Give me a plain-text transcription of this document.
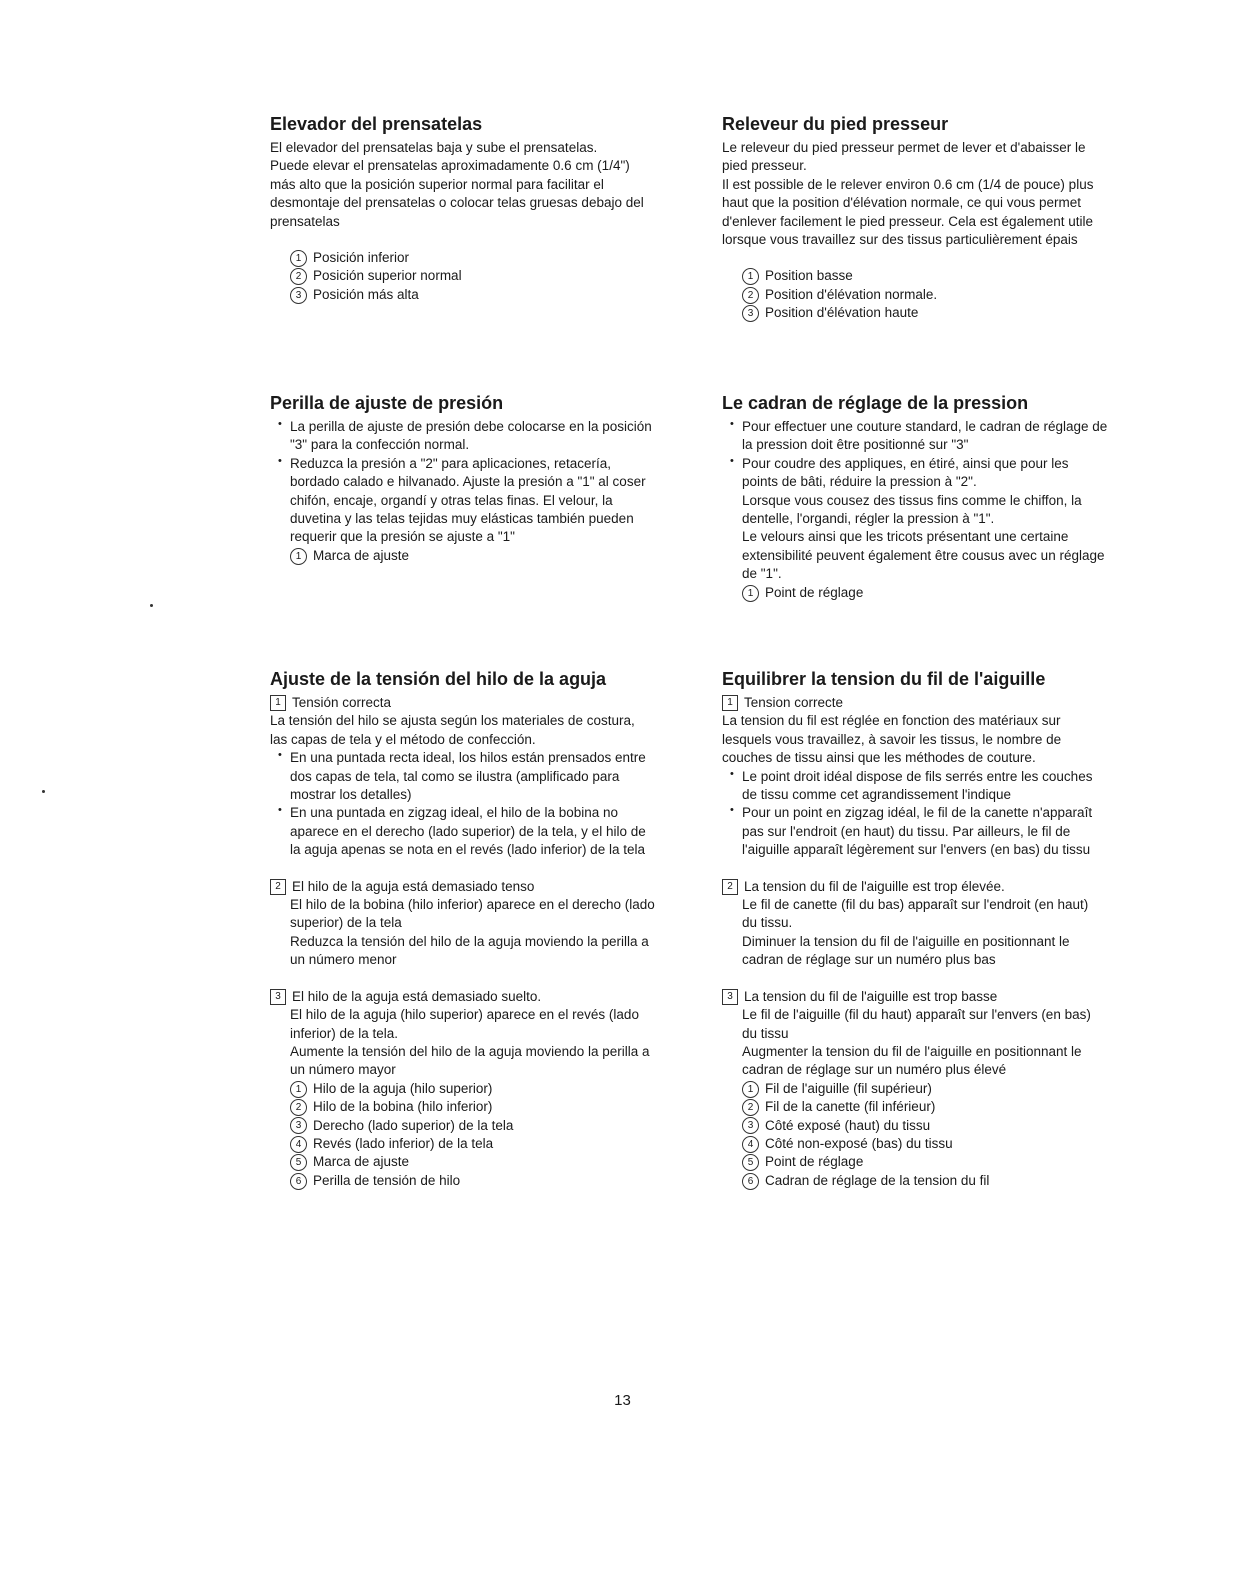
Elevador del prensatelas

El elevador del prensatelas baja y sube el prensatelas.

Puede elevar el prensatelas aproximadamente 0.6 cm (1/4")

más alto que la posición superior normal para facilitar el

desmontaje del prensatelas o colocar telas gruesas debajo del

prensatelas

1 Posición inferior
2 Posición superior normal
3 Posición más alta
Perilla de ajuste de presión

• La perilla de ajuste de presión debe colocarse en la posición

"3" para la confección normal.

• Reduzca la presión a "2" para aplicaciones, retacería,

bordado calado e hilvanado. Ajuste la presión a "1" al coser

chifón, encaje, organdí y otras telas finas. El velour, la

duvetina y las telas tejidas muy elásticas también pueden

requerir que la presión se ajuste a "1"

1 Marca de ajuste
Ajuste de la tensión del hilo de la aguja

1 Tensión correcta

La tensión del hilo se ajusta según los materiales de costura,

las capas de tela y el método de confección.

• En una puntada recta ideal, los hilos están prensados entre

dos capas de tela, tal como se ilustra (amplificado para

mostrar los detalles)

• En una puntada en zigzag ideal, el hilo de la bobina no

aparece en el derecho (lado superior) de la tela, y el hilo de

la aguja apenas se nota en el revés (lado inferior) de la tela

2 El hilo de la aguja está demasiado tenso

El hilo de la bobina (hilo inferior) aparece en el derecho (lado

superior) de la tela

Reduzca la tensión del hilo de la aguja moviendo la perilla a

un número menor

3 El hilo de la aguja está demasiado suelto.

El hilo de la aguja (hilo superior) aparece en el revés (lado

inferior) de la tela.

Aumente la tensión del hilo de la aguja moviendo la perilla a

un número mayor

1 Hilo de la aguja (hilo superior)
2 Hilo de la bobina (hilo inferior)
3 Derecho (lado superior) de la tela
4 Revés (lado inferior) de la tela
5 Marca de ajuste
6 Perilla de tensión de hilo
Releveur du pied presseur

Le releveur du pied presseur permet de lever et d'abaisser le

pied presseur.

Il est possible de le relever environ 0.6 cm (1/4 de pouce) plus

haut que la position d'élévation normale, ce qui vous permet

d'enlever facilement le pied presseur. Cela est également utile

lorsque vous travaillez sur des tissus particulièrement épais

1 Position basse
2 Position d'élévation normale.
3 Position d'élévation haute
Le cadran de réglage de la pression

• Pour effectuer une couture standard, le cadran de réglage de

la pression doit être positionné sur "3"

• Pour coudre des appliques, en étiré, ainsi que pour les

points de bâti, réduire la pression à "2".

Lorsque vous cousez des tissus fins comme le chiffon, la

dentelle, l'organdi, régler la pression à "1".

Le velours ainsi que les tricots présentant une certaine

extensibilité peuvent également être cousus avec un réglage

de "1".

1 Point de réglage
Equilibrer la tension du fil de l'aiguille

1 Tension correcte

La tension du fil est réglée en fonction des matériaux sur

lesquels vous travaillez, à savoir les tissus, le nombre de

couches de tissu ainsi que les méthodes de couture.

• Le point droit idéal dispose de fils serrés entre les couches

de tissu comme cet agrandissement l'indique

• Pour un point en zigzag idéal, le fil de la canette n'apparaît

pas sur l'endroit (en haut) du tissu. Par ailleurs, le fil de

l'aiguille apparaît légèrement sur l'envers (en bas) du tissu

2 La tension du fil de l'aiguille est trop élevée.

Le fil de canette (fil du bas) apparaît sur l'endroit (en haut)

du tissu.

Diminuer la tension du fil de l'aiguille en positionnant le

cadran de réglage sur un numéro plus bas

3 La tension du fil de l'aiguille est trop basse

Le fil de l'aiguille (fil du haut) apparaît sur l'envers (en bas)

du tissu

Augmenter la tension du fil de l'aiguille en positionnant le

cadran de réglage sur un numéro plus élevé

1 Fil de l'aiguille (fil supérieur)
2 Fil de la canette (fil inférieur)
3 Côté exposé (haut) du tissu
4 Côté non-exposé (bas) du tissu
5 Point de réglage
6 Cadran de réglage de la tension du fil
13
